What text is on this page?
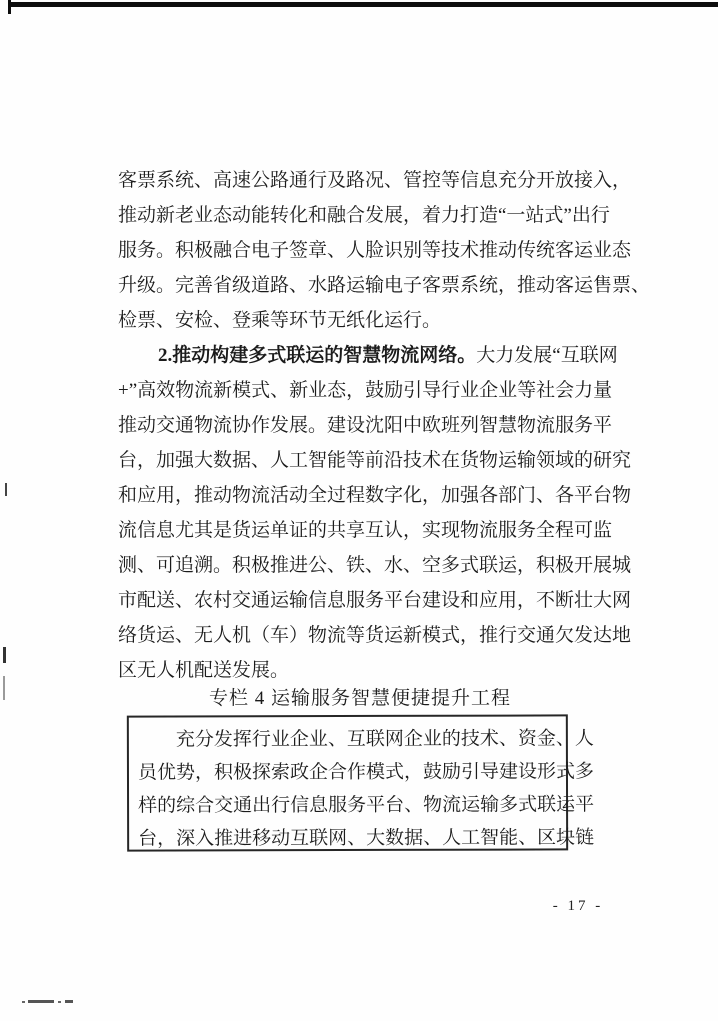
客票系统、高速公路通行及路况、管控等信息充分开放接入，
推动新老业态动能转化和融合发展，着力打造“一站式”出行
服务。积极融合电子签章、人脸识别等技术推动传统客运业态
升级。完善省级道路、水路运输电子客票系统，推动客运售票、
检票、安检、登乘等环节无纸化运行。
2.推动构建多式联运的智慧物流网络。大力发展“互联网
+”高效物流新模式、新业态，鼓励引导行业企业等社会力量
推动交通物流协作发展。建设沈阳中欧班列智慧物流服务平
台，加强大数据、人工智能等前沿技术在货物运输领域的研究
和应用，推动物流活动全过程数字化，加强各部门、各平台物
流信息尤其是货运单证的共享互认，实现物流服务全程可监
测、可追溯。积极推进公、铁、水、空多式联运，积极开展城
市配送、农村交通运输信息服务平台建设和应用，不断壮大网
络货运、无人机（车）物流等货运新模式，推行交通欠发达地
区无人机配送发展。
专栏 4 运输服务智慧便捷提升工程
充分发挥行业企业、互联网企业的技术、资金、人
员优势，积极探索政企合作模式，鼓励引导建设形式多
样的综合交通出行信息服务平台、物流运输多式联运平
台，深入推进移动互联网、大数据、人工智能、区块链
- 17 -
